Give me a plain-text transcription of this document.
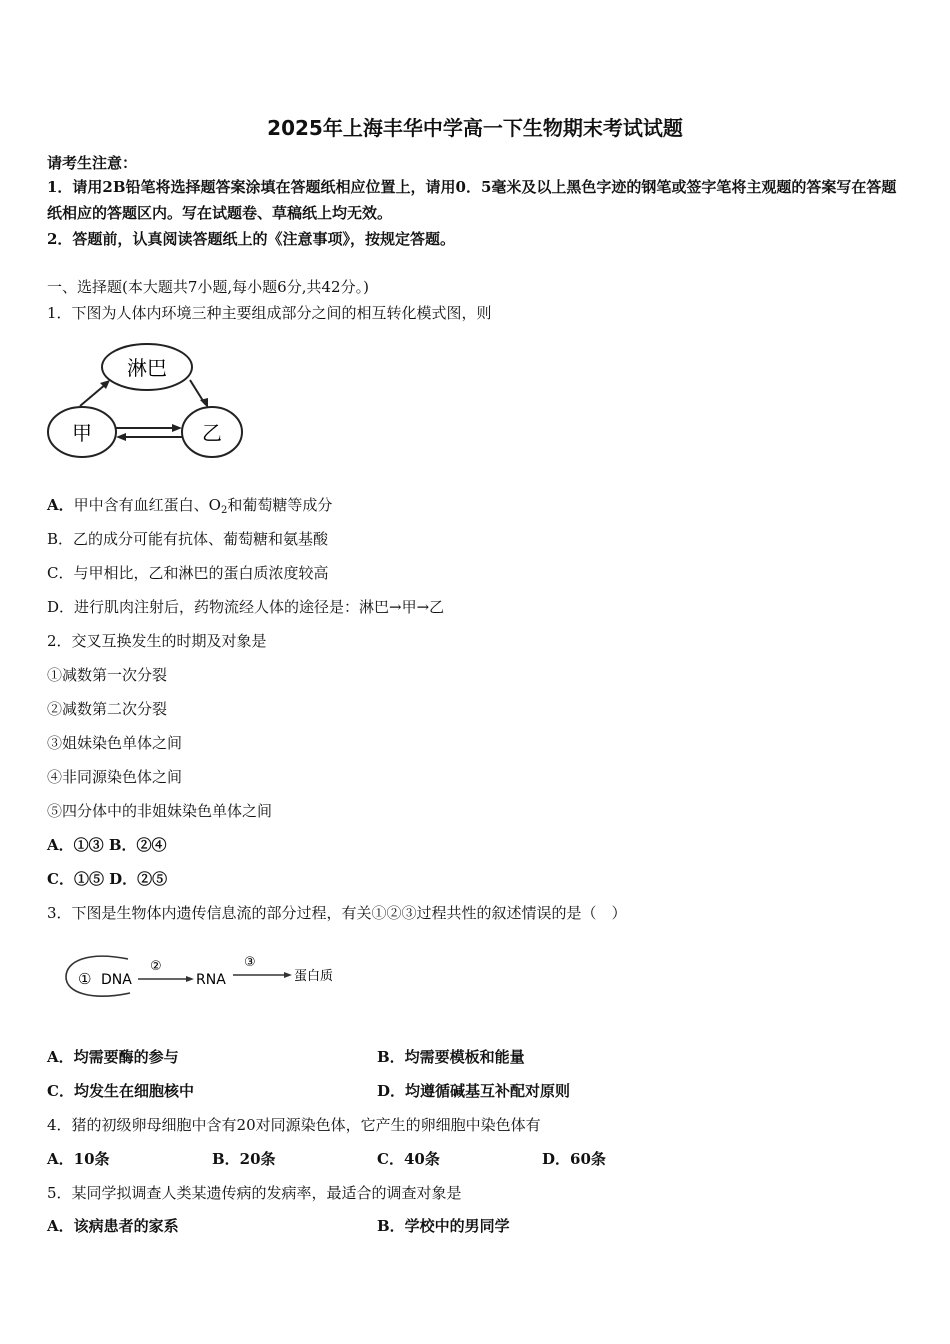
2025年上海丰华中学高一下生物期末考试试题
请考生注意：
1．请用2B铅笔将选择题答案涂填在答题纸相应位置上，请用0．5毫米及以上黑色字迹的钢笔或签字笔将主观题的答案写在答题纸相应的答题区内。写在试题卷、草稿纸上均无效。
2．答题前，认真阅读答题纸上的《注意事项》，按规定答题。
一、选择题(本大题共7小题,每小题6分,共42分。)
1．下图为人体内环境三种主要组成部分之间的相互转化模式图，则
淋巴
甲	乙
A．甲中含有血红蛋白、$O_2$和葡萄糖等成分
B．乙的成分可能有抗体、葡萄糖和氨基酸
C．与甲相比，乙和淋巴的蛋白质浓度较高
D．进行肌肉注射后，药物流经人体的途径是：淋巴→甲→乙
2．交叉互换发生的时期及对象是
①减数第一次分裂
②减数第二次分裂
③姐妹染色单体之间
④非同源染色体之间
⑤四分体中的非姐妹染色单体之间
A．①③ B．②④
C．①⑤ D．②⑤
3．下图是生物体内遗传信息流的部分过程，有关①②③过程共性的叙述情误的是（　）
① DNA
②
RNA
③
蛋白质
A．均需要酶的参与	B．均需要模板和能量
C．均发生在细胞核中	D．均遵循碱基互补配对原则
4．猪的初级卵母细胞中含有20对同源染色体，它产生的卵细胞中染色体有
A．10条	B．20条	C．40条	D．60条
5．某同学拟调查人类某遗传病的发病率，最适合的调查对象是
A．该病患者的家系	B．学校中的男同学
